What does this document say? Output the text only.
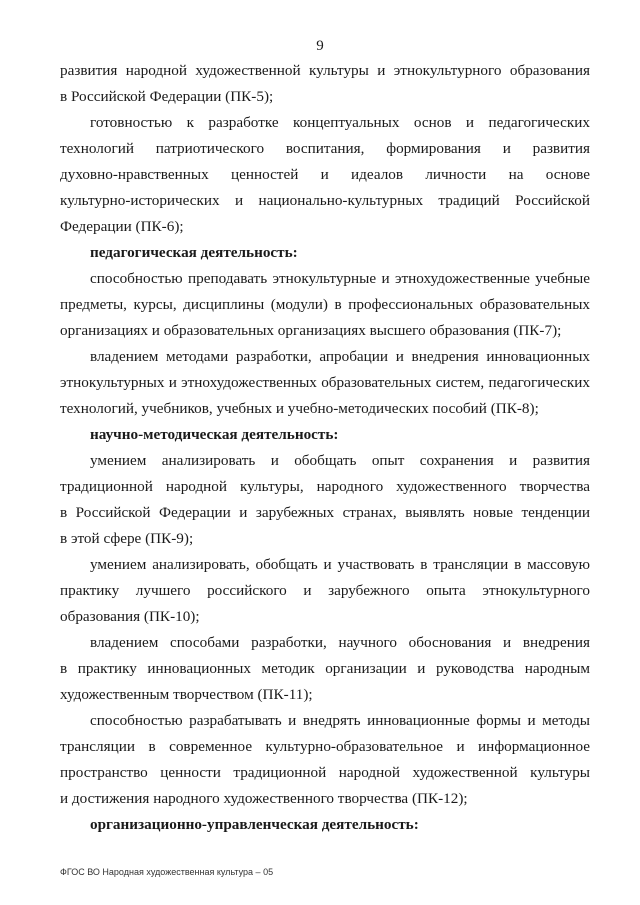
9
развития народной художественной культуры и этнокультурного образования
в Российской Федерации (ПК-5);
готовностью к разработке концептуальных основ и педагогических
технологий патриотического воспитания, формирования и развития
духовно-нравственных ценностей и идеалов личности на основе
культурно-исторических и национально-культурных традиций Российской
Федерации (ПК-6);
педагогическая деятельность:
способностью преподавать этнокультурные и этнохудожественные учебные
предметы, курсы, дисциплины (модули) в профессиональных образовательных
организациях и образовательных организациях высшего образования (ПК-7);
владением методами разработки, апробации и внедрения инновационных
этнокультурных и этнохудожественных образовательных систем, педагогических
технологий, учебников, учебных и учебно-методических пособий (ПК-8);
научно-методическая деятельность:
умением анализировать и обобщать опыт сохранения и развития
традиционной народной культуры, народного художественного творчества
в Российской Федерации и зарубежных странах, выявлять новые тенденции
в этой сфере (ПК-9);
умением анализировать, обобщать и участвовать в трансляции в массовую
практику лучшего российского и зарубежного опыта этнокультурного
образования (ПК-10);
владением способами разработки, научного обоснования и внедрения
в практику инновационных методик организации и руководства народным
художественным творчеством (ПК-11);
способностью разрабатывать и внедрять инновационные формы и методы
трансляции в современное культурно-образовательное и информационное
пространство ценности традиционной народной художественной культуры
и достижения народного художественного творчества (ПК-12);
организационно-управленческая деятельность:
ФГОС ВО Народная художественная культура – 05
